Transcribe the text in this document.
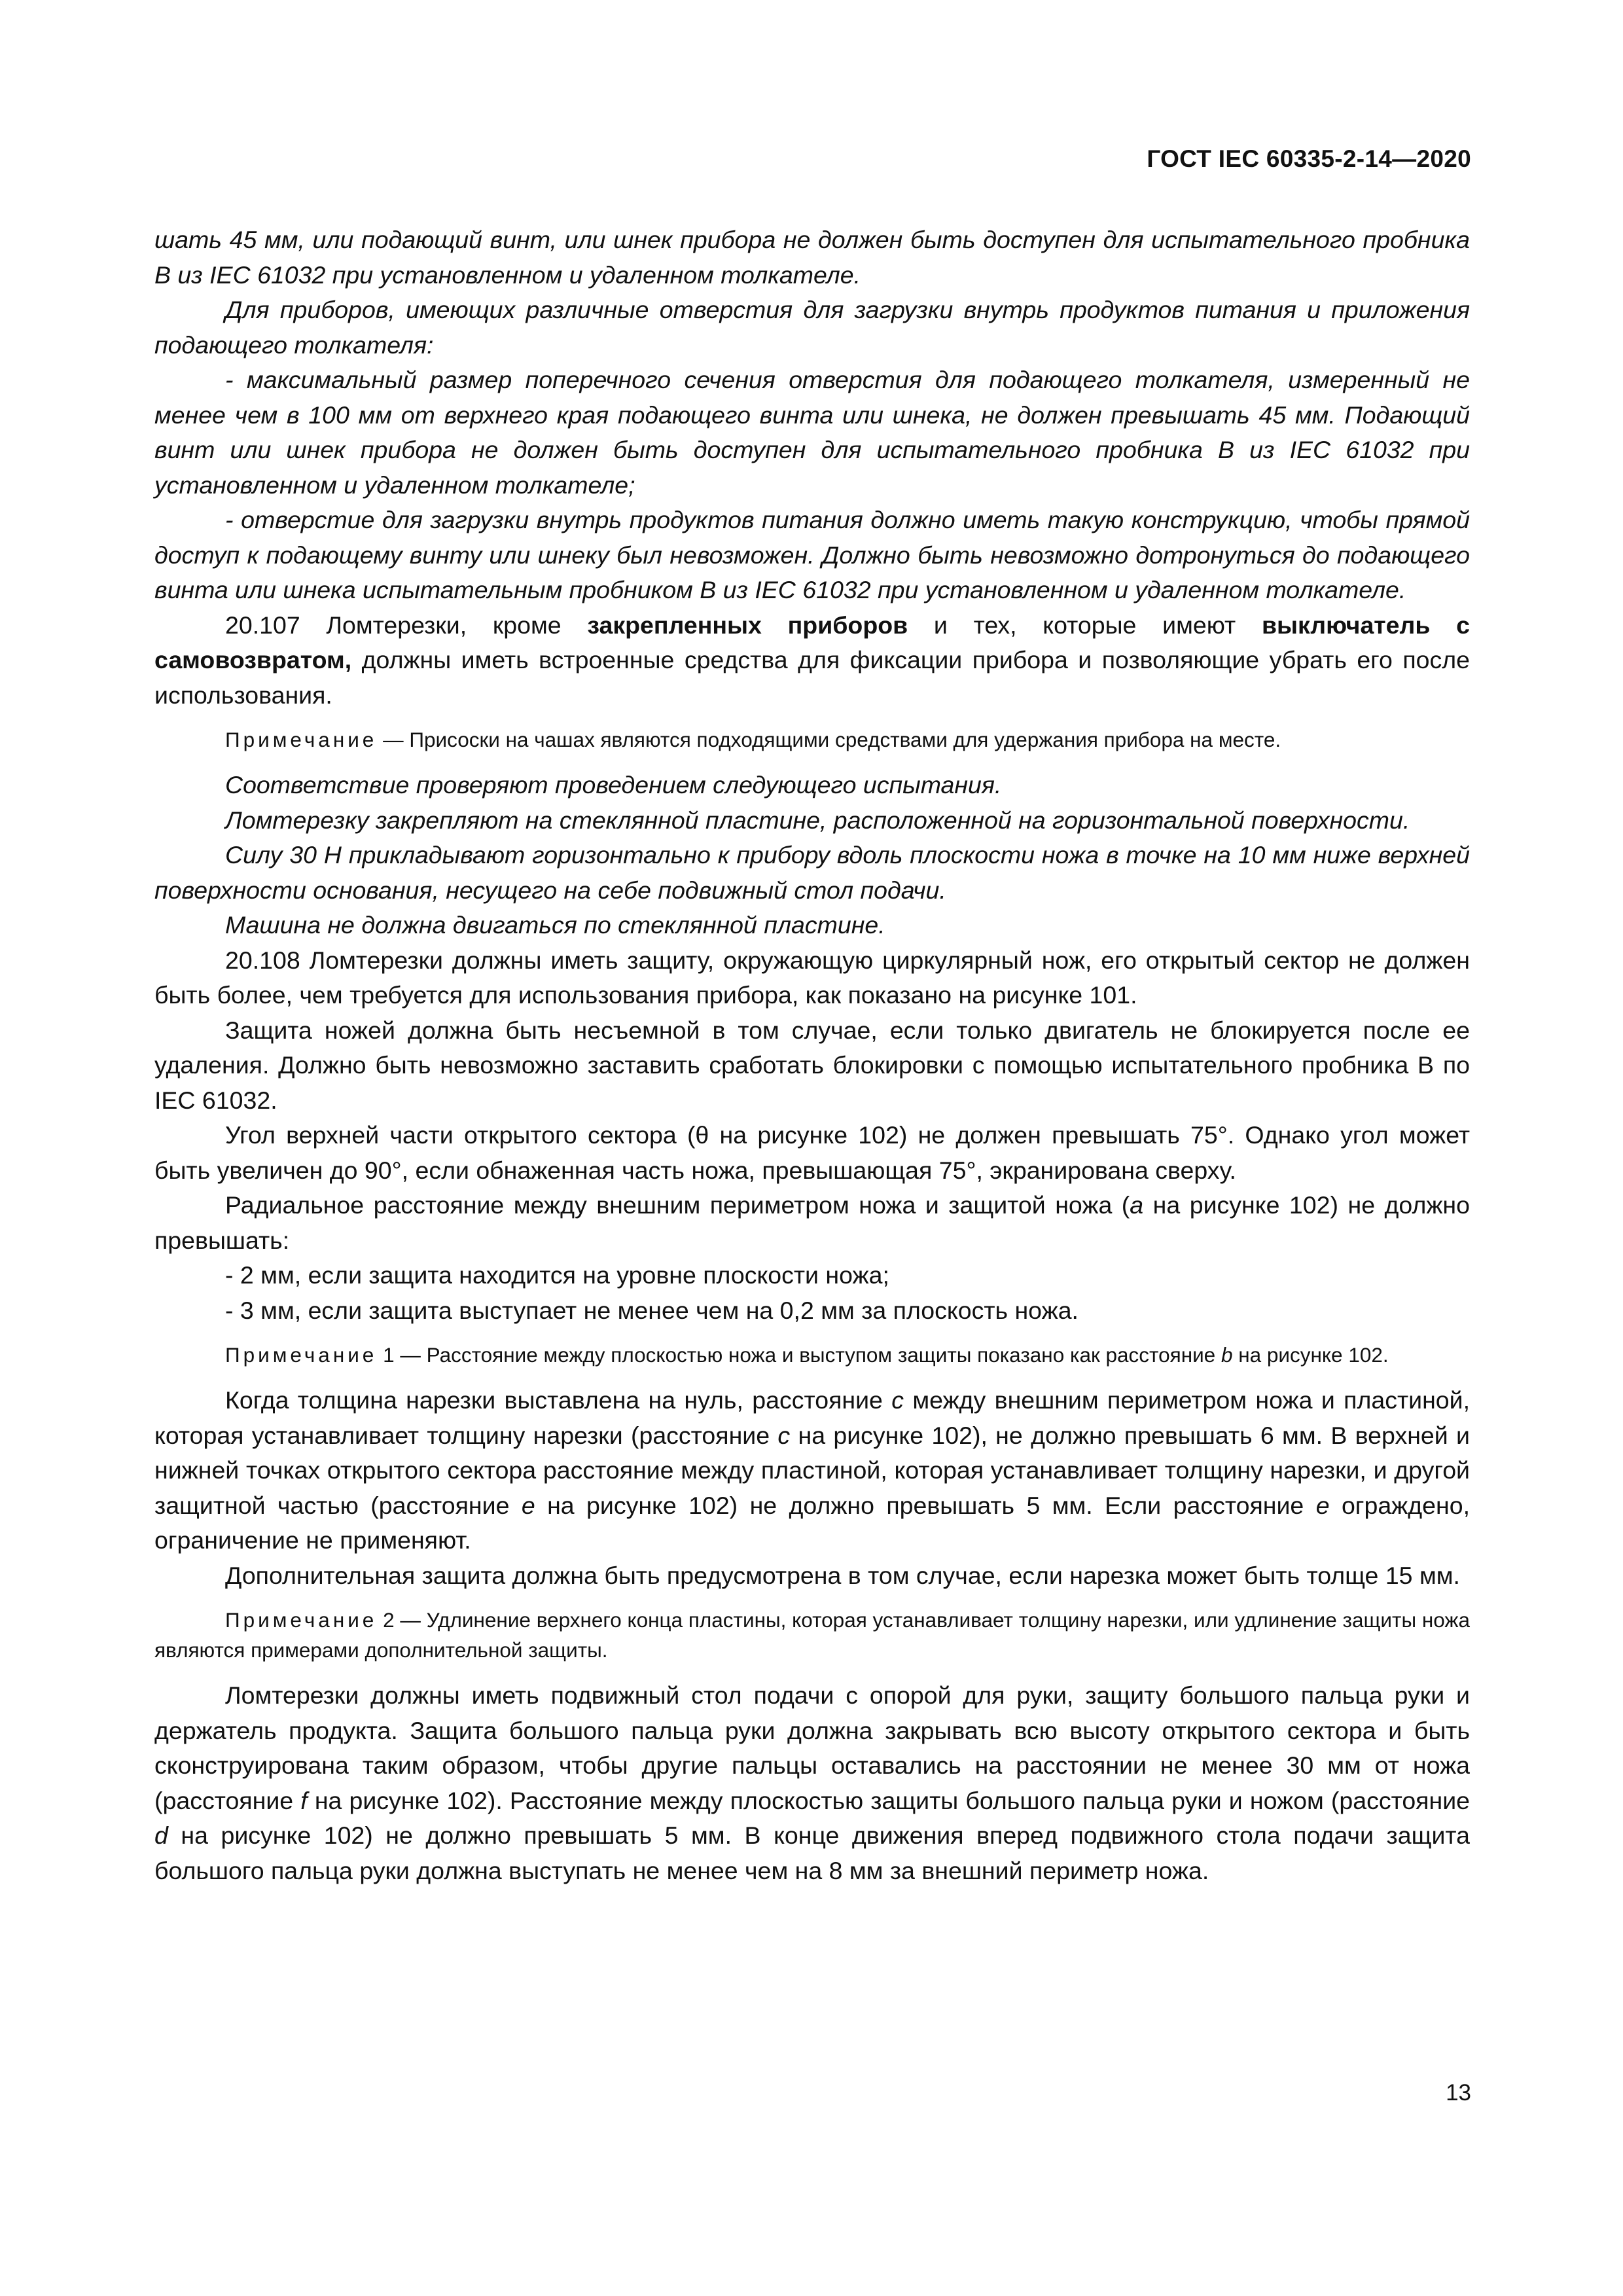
ГОСТ IEC 60335-2-14—2020

шать 45 мм, или подающий винт, или шнек прибора не должен быть доступен для испытательного пробника В из IEC 61032 при установленном и удаленном толкателе.

Для приборов, имеющих различные отверстия для загрузки внутрь продуктов питания и приложения подающего толкателя:

- максимальный размер поперечного сечения отверстия для подающего толкателя, измеренный не менее чем в 100 мм от верхнего края подающего винта или шнека, не должен превышать 45 мм. Подающий винт или шнек прибора не должен быть доступен для испытательного пробника В из IEC 61032 при установленном и удаленном толкателе;

- отверстие для загрузки внутрь продуктов питания должно иметь такую конструкцию, чтобы прямой доступ к подающему винту или шнеку был невозможен. Должно быть невозможно дотронуться до подающего винта или шнека испытательным пробником В из IEC 61032 при установленном и удаленном толкателе.

20.107 Ломтерезки, кроме закрепленных приборов и тех, которые имеют выключатель с самовозвратом, должны иметь встроенные средства для фиксации прибора и позволяющие убрать его после использования.

Примечание — Присоски на чашах являются подходящими средствами для удержания прибора на месте.

Соответствие проверяют проведением следующего испытания.

Ломтерезку закрепляют на стеклянной пластине, расположенной на горизонтальной поверхности.

Силу 30 Н прикладывают горизонтально к прибору вдоль плоскости ножа в точке на 10 мм ниже верхней поверхности основания, несущего на себе подвижный стол подачи.

Машина не должна двигаться по стеклянной пластине.

20.108 Ломтерезки должны иметь защиту, окружающую циркулярный нож, его открытый сектор не должен быть более, чем требуется для использования прибора, как показано на рисунке 101.

Защита ножей должна быть несъемной в том случае, если только двигатель не блокируется после ее удаления. Должно быть невозможно заставить сработать блокировки с помощью испытательного пробника В по IEC 61032.

Угол верхней части открытого сектора (θ на рисунке 102) не должен превышать 75°. Однако угол может быть увеличен до 90°, если обнаженная часть ножа, превышающая 75°, экранирована сверху.

Радиальное расстояние между внешним периметром ножа и защитой ножа (а на рисунке 102) не должно превышать:

- 2 мм, если защита находится на уровне плоскости ножа;

- 3 мм, если защита выступает не менее чем на 0,2 мм за плоскость ножа.

Примечание 1 — Расстояние между плоскостью ножа и выступом защиты показано как расстояние b на рисунке 102.

Когда толщина нарезки выставлена на нуль, расстояние с между внешним периметром ножа и пластиной, которая устанавливает толщину нарезки (расстояние с на рисунке 102), не должно превышать 6 мм. В верхней и нижней точках открытого сектора расстояние между пластиной, которая устанавливает толщину нарезки, и другой защитной частью (расстояние е на рисунке 102) не должно превышать 5 мм. Если расстояние е ограждено, ограничение не применяют.

Дополнительная защита должна быть предусмотрена в том случае, если нарезка может быть толще 15 мм.

Примечание 2 — Удлинение верхнего конца пластины, которая устанавливает толщину нарезки, или удлинение защиты ножа являются примерами дополнительной защиты.

Ломтерезки должны иметь подвижный стол подачи с опорой для руки, защиту большого пальца руки и держатель продукта. Защита большого пальца руки должна закрывать всю высоту открытого сектора и быть сконструирована таким образом, чтобы другие пальцы оставались на расстоянии не менее 30 мм от ножа (расстояние f на рисунке 102). Расстояние между плоскостью защиты большого пальца руки и ножом (расстояние d на рисунке 102) не должно превышать 5 мм. В конце движения вперед подвижного стола подачи защита большого пальца руки должна выступать не менее чем на 8 мм за внешний периметр ножа.

13
